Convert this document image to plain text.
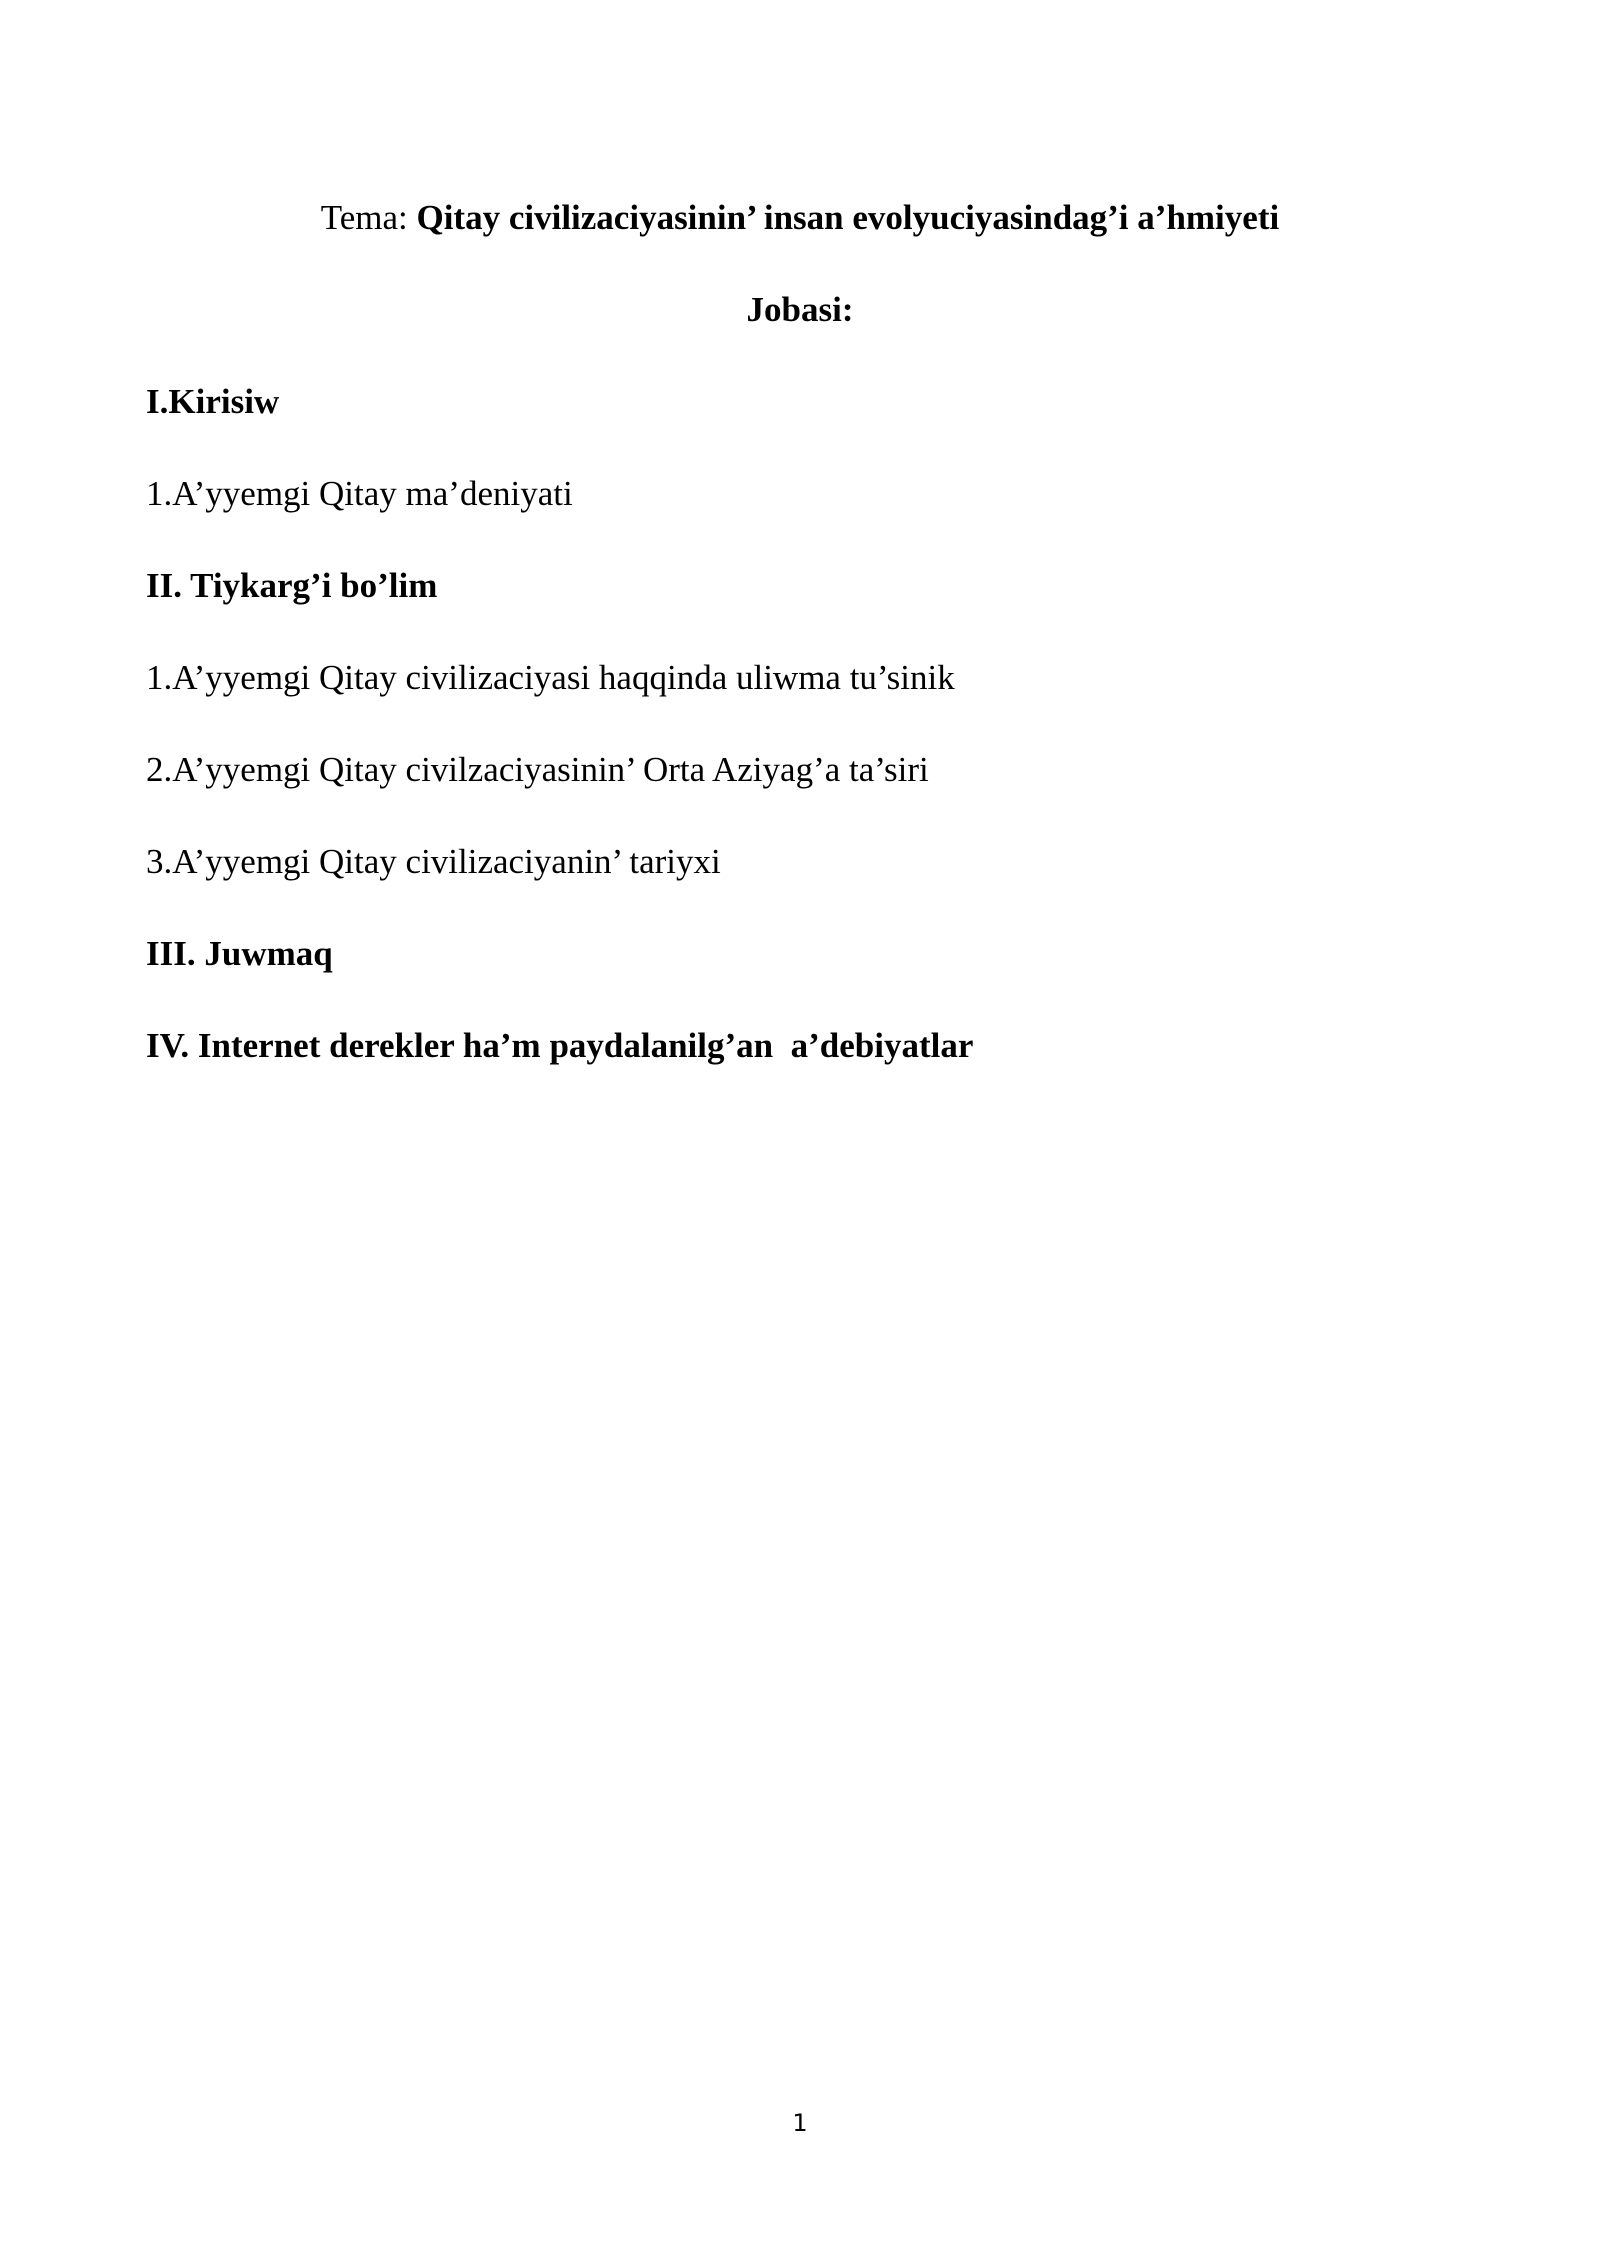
Tema: Qitay civilizaciyasinin’ insan evolyuciyasindag’i a’hmiyeti
Jobasi:
I.Kirisiw
1.A’yyemgi Qitay ma’deniyati
II. Tiykarg’i bo’lim
1.A’yyemgi Qitay civilizaciyasi haqqinda uliwma tu’sinik
2.A’yyemgi Qitay civilzaciyasinin’ Orta Aziyag’a ta’siri
3.A’yyemgi Qitay civilizaciyanin’ tariyxi
III. Juwmaq
IV. Internet derekler ha’m paydalanilg’an  a’debiyatlar
1
